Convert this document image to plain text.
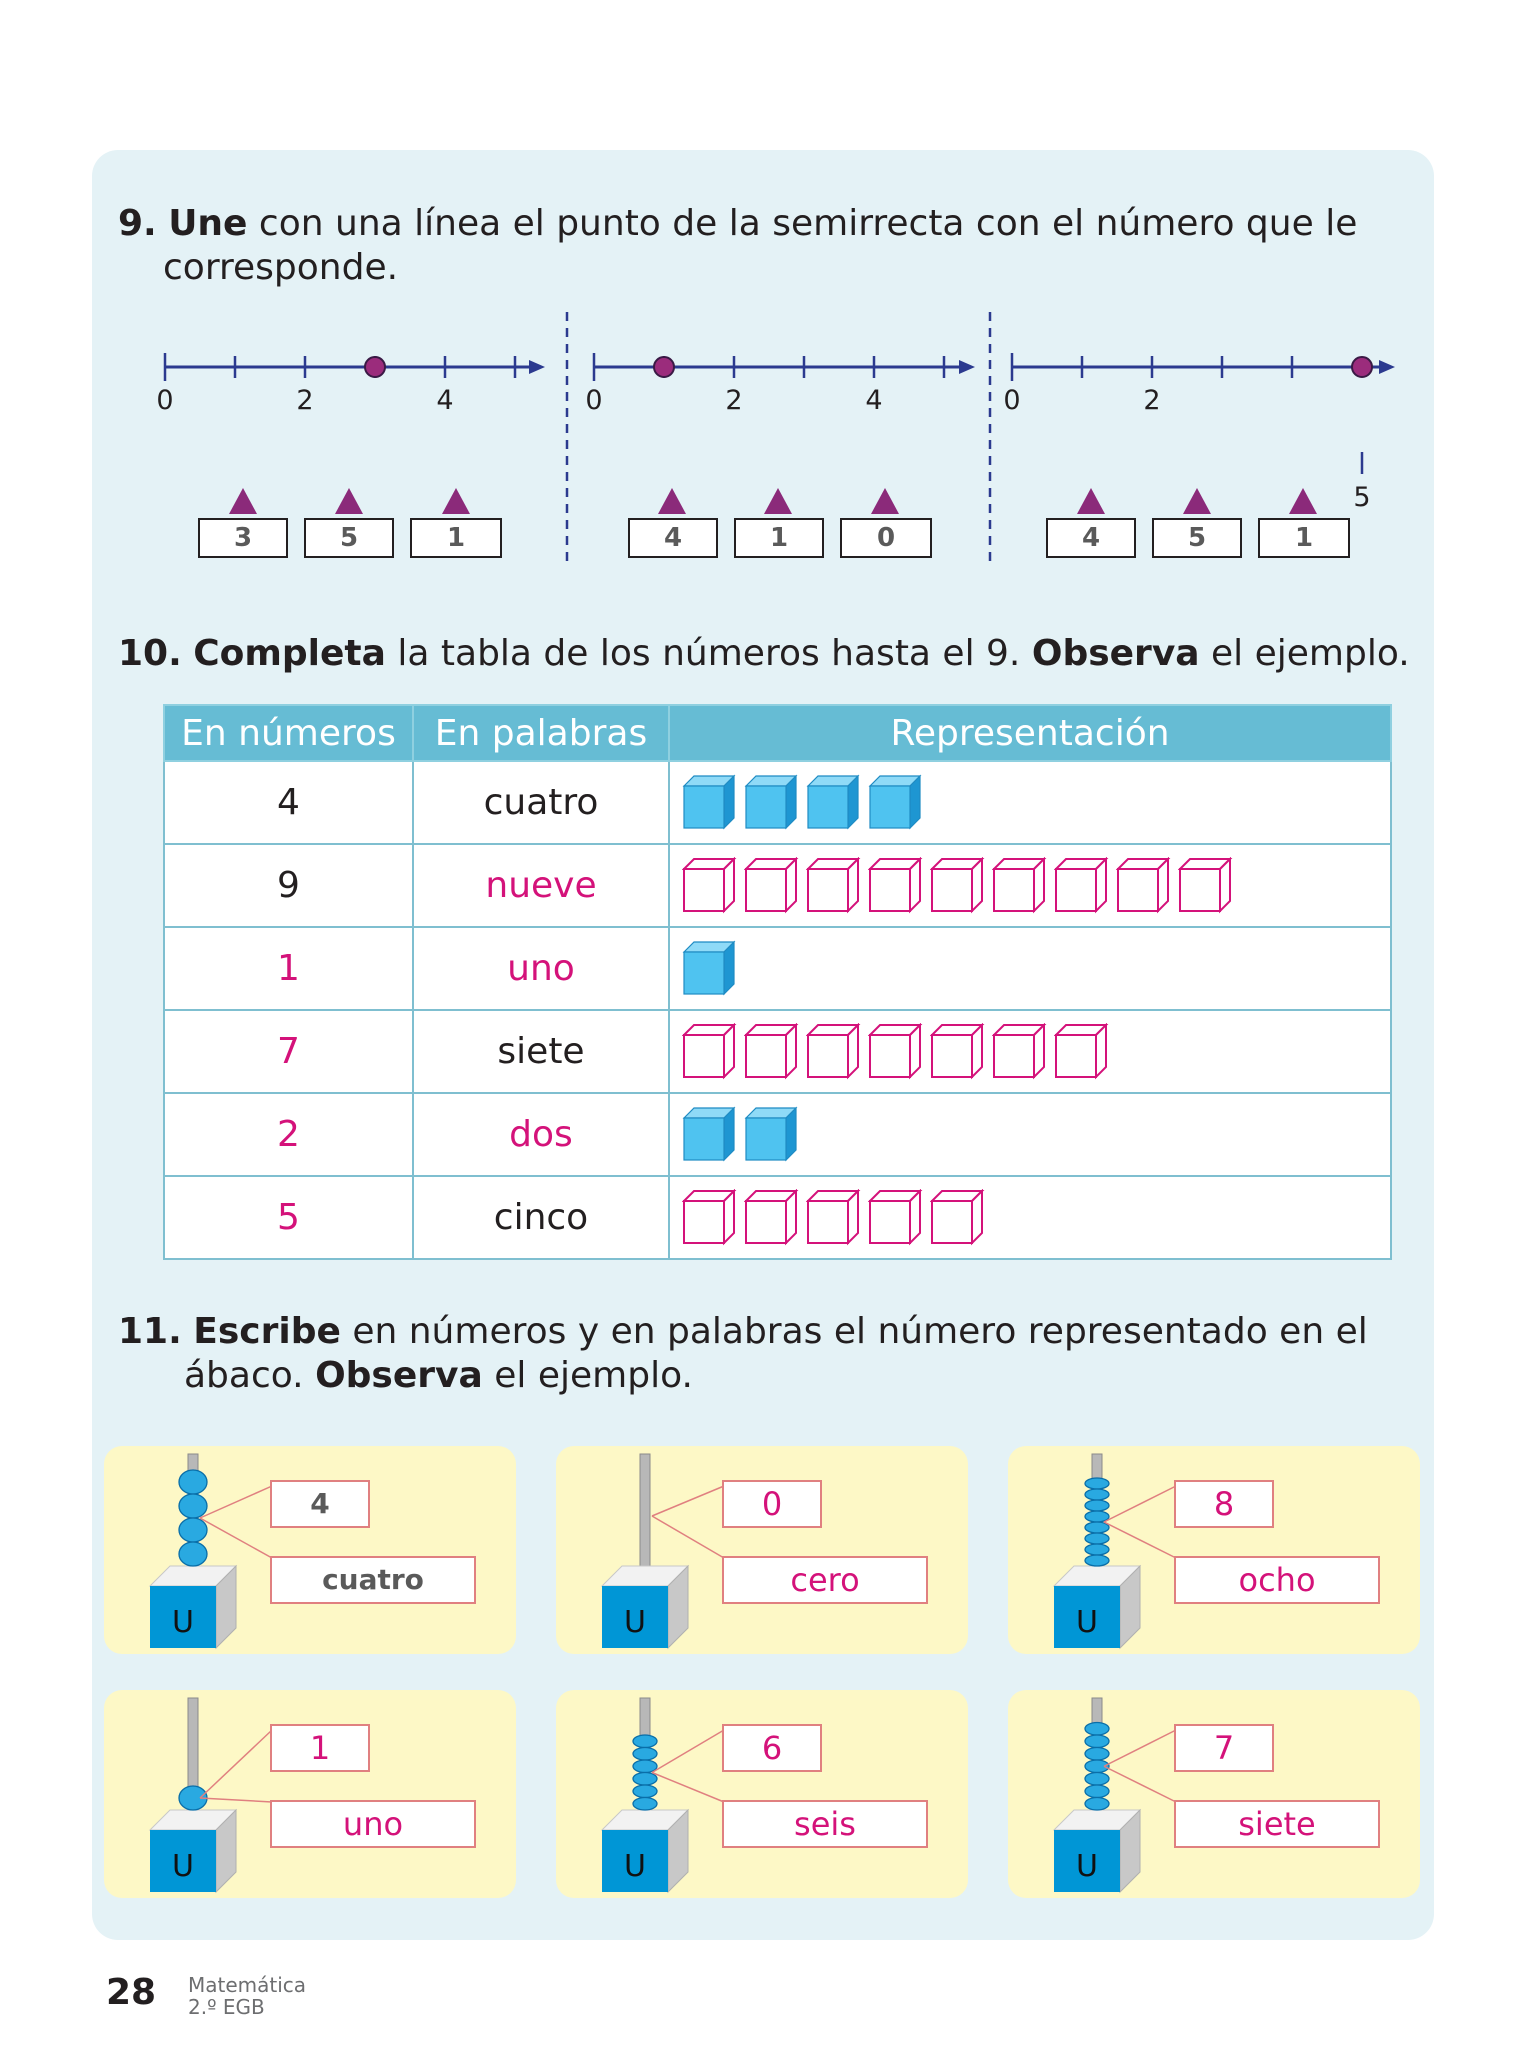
9. Une con una línea el punto de la semirrecta con el número que le
corresponde.
0	2	4	0	2	4	0	2
5
3	5	1	4	1	0	4	5	1
10. Completa la tabla de los números hasta el 9. Observa el ejemplo.
En números	En palabras	Representación
4	cuatro	
9	nueve	
1	uno	
7	siete	
2	dos	
5	cinco	
11. Escribe en números y en palabras el número representado en el
ábaco. Observa el ejemplo.
U
4
cuatro
U
0
cero
U
8
ocho
U
1
uno
U
6
seis
U
7
siete
28 Matemática
2.º EGB
